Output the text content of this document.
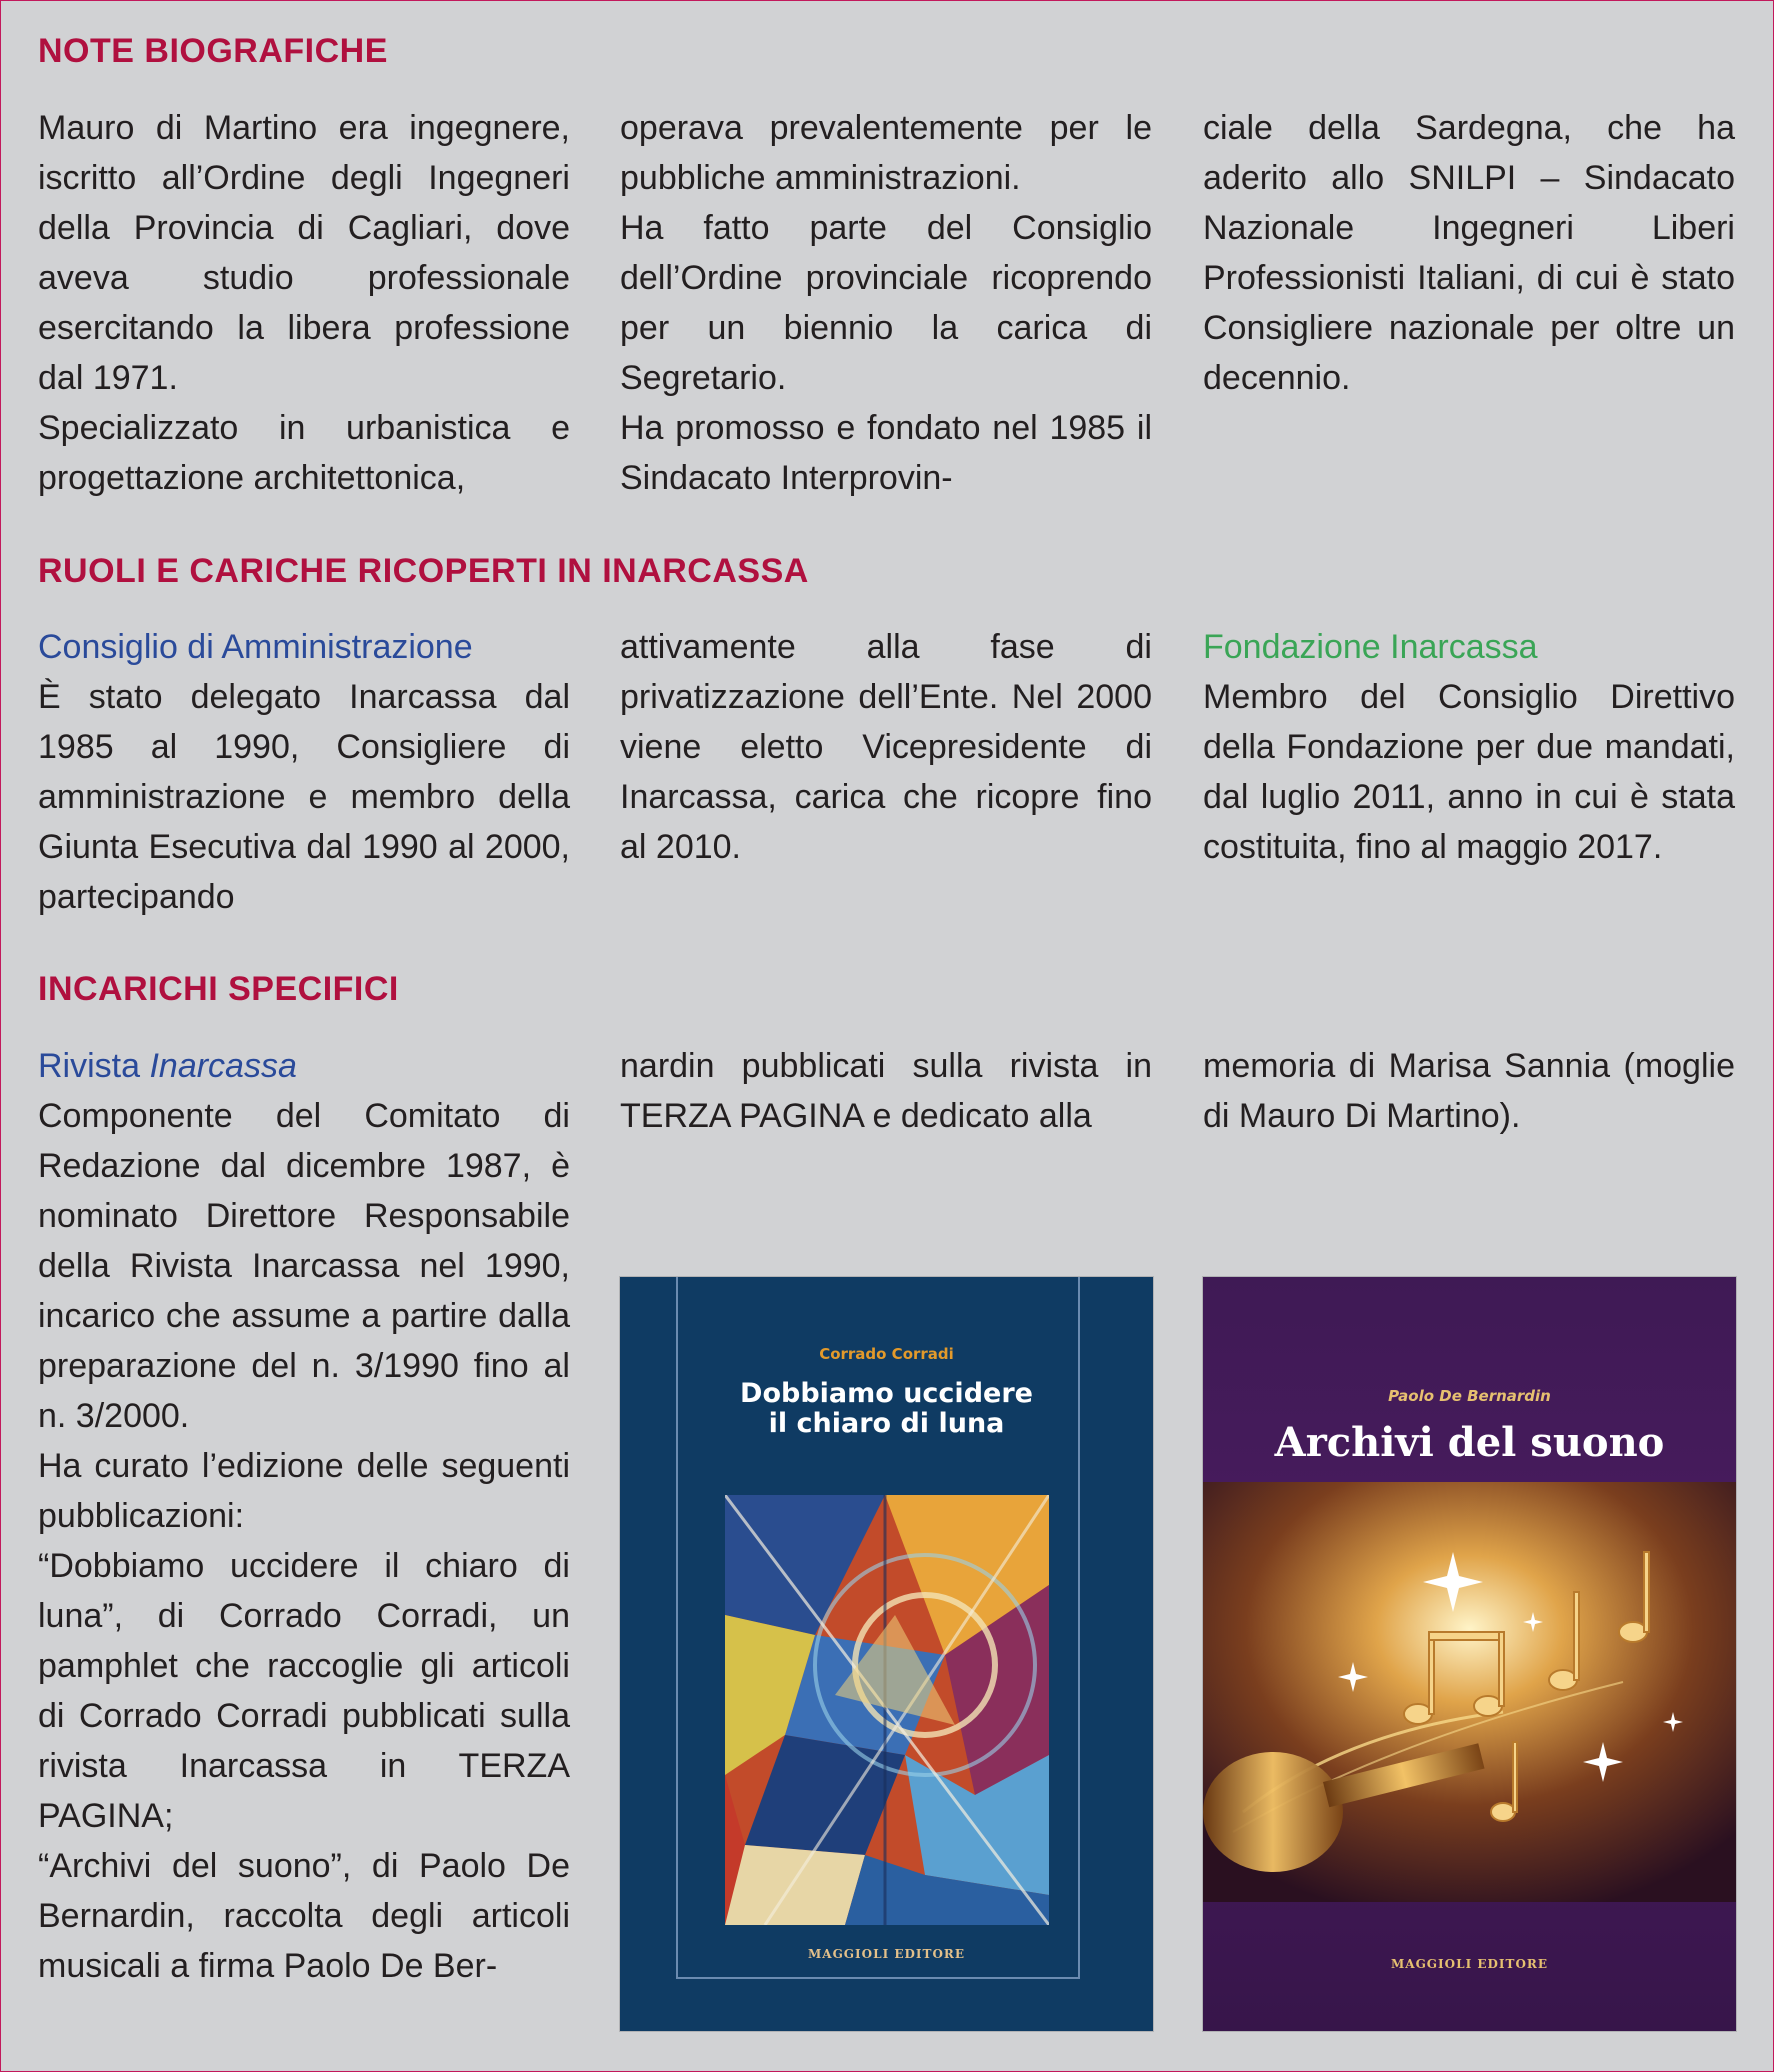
NOTE BIOGRAFICHE

Mauro di Martino era ingegnere, iscritto all’Ordine degli Ingegneri della Provincia di Cagliari, dove aveva studio professionale esercitando la libera professione dal 1971.

Specializzato in urbanistica e progettazione architettonica,

operava prevalentemente per le pubbliche amministrazioni.

Ha fatto parte del Consiglio dell’Ordine provinciale ricoprendo per un biennio la carica di Segretario.

Ha promosso e fondato nel 1985 il Sindacato Interprovin-

ciale della Sardegna, che ha aderito allo SNILPI – Sindacato Nazionale Ingegneri Liberi Professionisti Italiani, di cui è stato Consigliere nazionale per oltre un decennio.

RUOLI E CARICHE RICOPERTI IN INARCASSA

Consiglio di Amministrazione

È stato delegato Inarcassa dal 1985 al 1990, Consigliere di amministrazione e membro della Giunta Esecutiva dal 1990 al 2000, partecipando

attivamente alla fase di privatizzazione dell’Ente. Nel 2000 viene eletto Vicepresidente di Inarcassa, carica che ricopre fino al 2010.

Fondazione Inarcassa

Membro del Consiglio Direttivo della Fondazione per due mandati, dal luglio 2011, anno in cui è stata costituita, fino al maggio 2017.

INCARICHI SPECIFICI

Rivista Inarcassa

Componente del Comitato di Redazione dal dicembre 1987, è nominato Direttore Responsabile della Rivista Inarcassa nel 1990, incarico che assume a partire dalla preparazione del n. 3/1990 fino al n. 3/2000.

Ha curato l’edizione delle seguenti pubblicazioni:

“Dobbiamo uccidere il chiaro di luna”, di Corrado Corradi, un pamphlet che raccoglie gli articoli di Corrado Corradi pubblicati sulla rivista Inarcassa in TERZA PAGINA;

“Archivi del suono”, di Paolo De Bernardin, raccolta degli articoli musicali a firma Paolo De Ber-

nardin pubblicati sulla rivista in TERZA PAGINA e dedicato alla

memoria di Marisa Sannia (moglie di Mauro Di Martino).

Corrado Corradi
Dobbiamo uccidere
il chiaro di luna
MAGGIOLI EDITORE
Paolo De Bernardin
Archivi del suono
MAGGIOLI EDITORE
